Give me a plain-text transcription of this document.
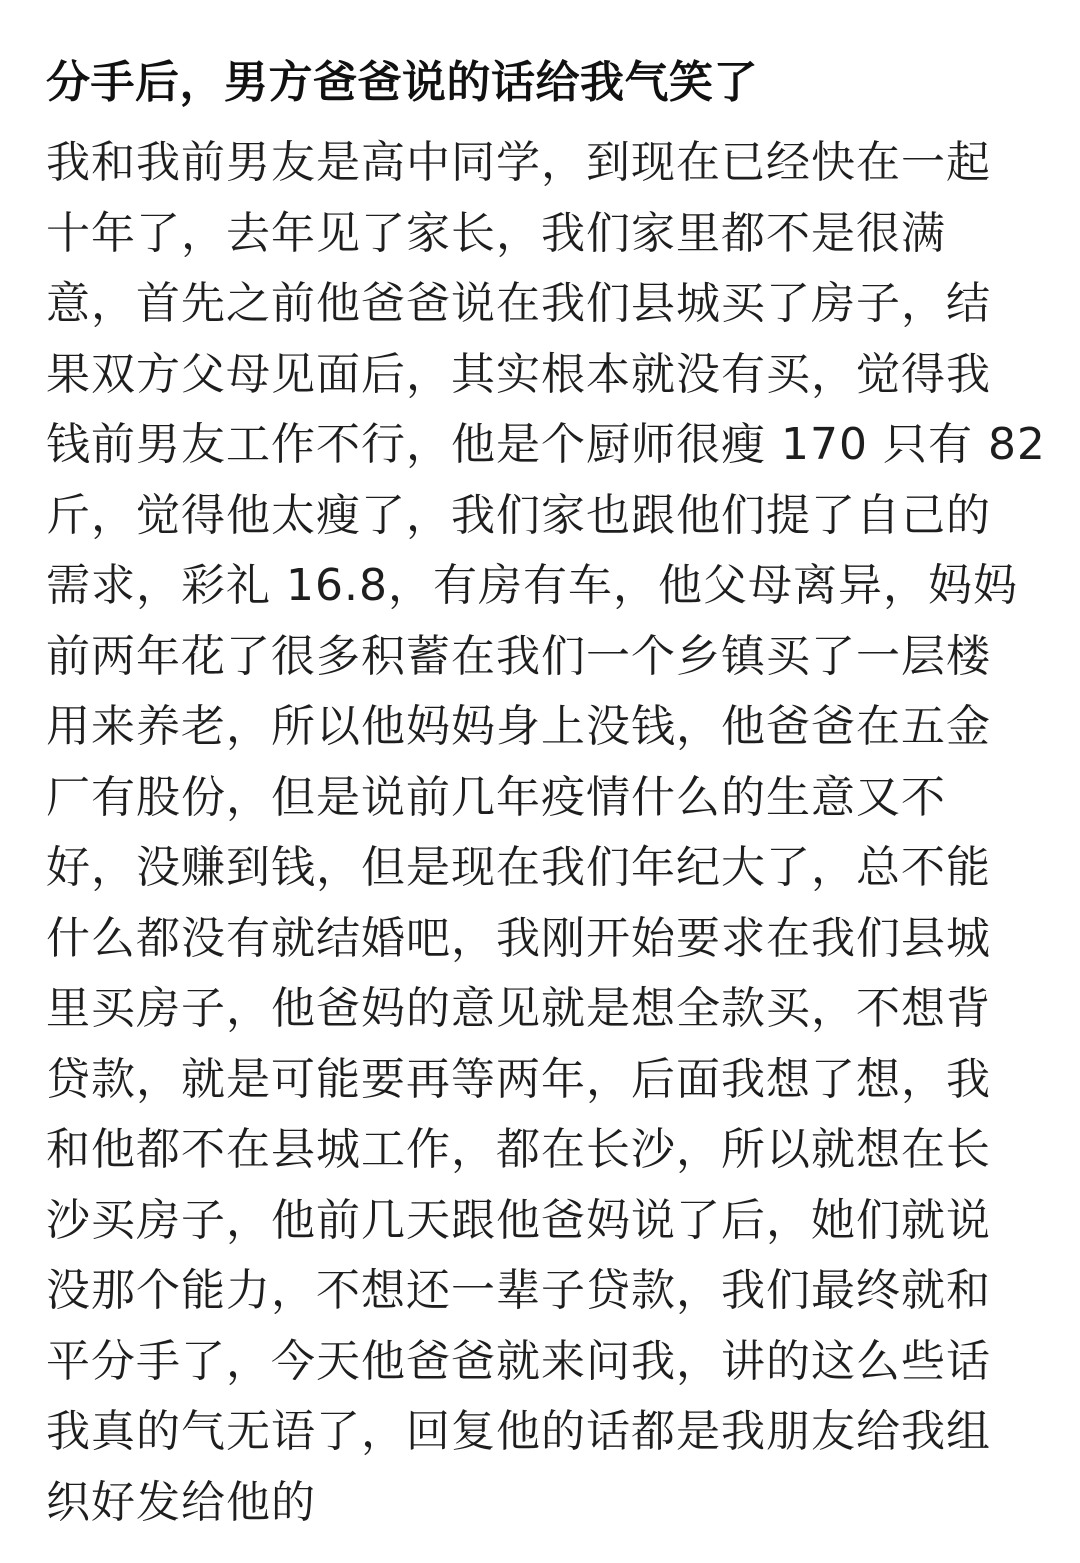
分手后，男方爸爸说的话给我气笑了
我和我前男友是高中同学，到现在已经快在一起
十年了，去年见了家长，我们家里都不是很满
意，首先之前他爸爸说在我们县城买了房子，结
果双方父母见面后，其实根本就没有买，觉得我
钱前男友工作不行，他是个厨师很瘦 170 只有 82
斤，觉得他太瘦了，我们家也跟他们提了自己的
需求，彩礼 16.8，有房有车，他父母离异，妈妈
前两年花了很多积蓄在我们一个乡镇买了一层楼
用来养老，所以他妈妈身上没钱，他爸爸在五金
厂有股份，但是说前几年疫情什么的生意又不
好，没赚到钱，但是现在我们年纪大了，总不能
什么都没有就结婚吧，我刚开始要求在我们县城
里买房子，他爸妈的意见就是想全款买，不想背
贷款，就是可能要再等两年，后面我想了想，我
和他都不在县城工作，都在长沙，所以就想在长
沙买房子，他前几天跟他爸妈说了后，她们就说
没那个能力，不想还一辈子贷款，我们最终就和
平分手了，今天他爸爸就来问我，讲的这么些话
我真的气无语了，回复他的话都是我朋友给我组
织好发给他的
